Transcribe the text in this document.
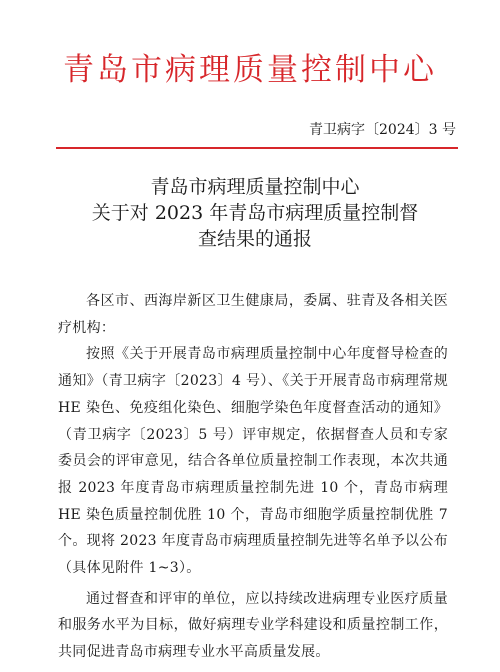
青岛市病理质量控制中心
青卫病字〔2024〕3 号
青岛市病理质量控制中心
关于对 2023 年青岛市病理质量控制督
查结果的通报

各区市、西海岸新区卫生健康局，委属、驻青及各相关医疗机构：

按照《关于开展青岛市病理质量控制中心年度督导检查的通知》（青卫病字〔2023〕4 号）、《关于开展青岛市病理常规 HE 染色、免疫组化染色、细胞学染色年度督查活动的通知》（青卫病字〔2023〕5 号）评审规定，依据督查人员和专家委员会的评审意见，结合各单位质量控制工作表现，本次共通报 2023 年度青岛市病理质量控制先进 10 个，青岛市病理 HE 染色质量控制优胜 10 个，青岛市细胞学质量控制优胜 7 个。现将 2023 年度青岛市病理质量控制先进等名单予以公布（具体见附件 1~3）。

通过督查和评审的单位，应以持续改进病理专业医疗质量和服务水平为目标，做好病理专业学科建设和质量控制工作，共同促进青岛市病理专业水平高质量发展。
